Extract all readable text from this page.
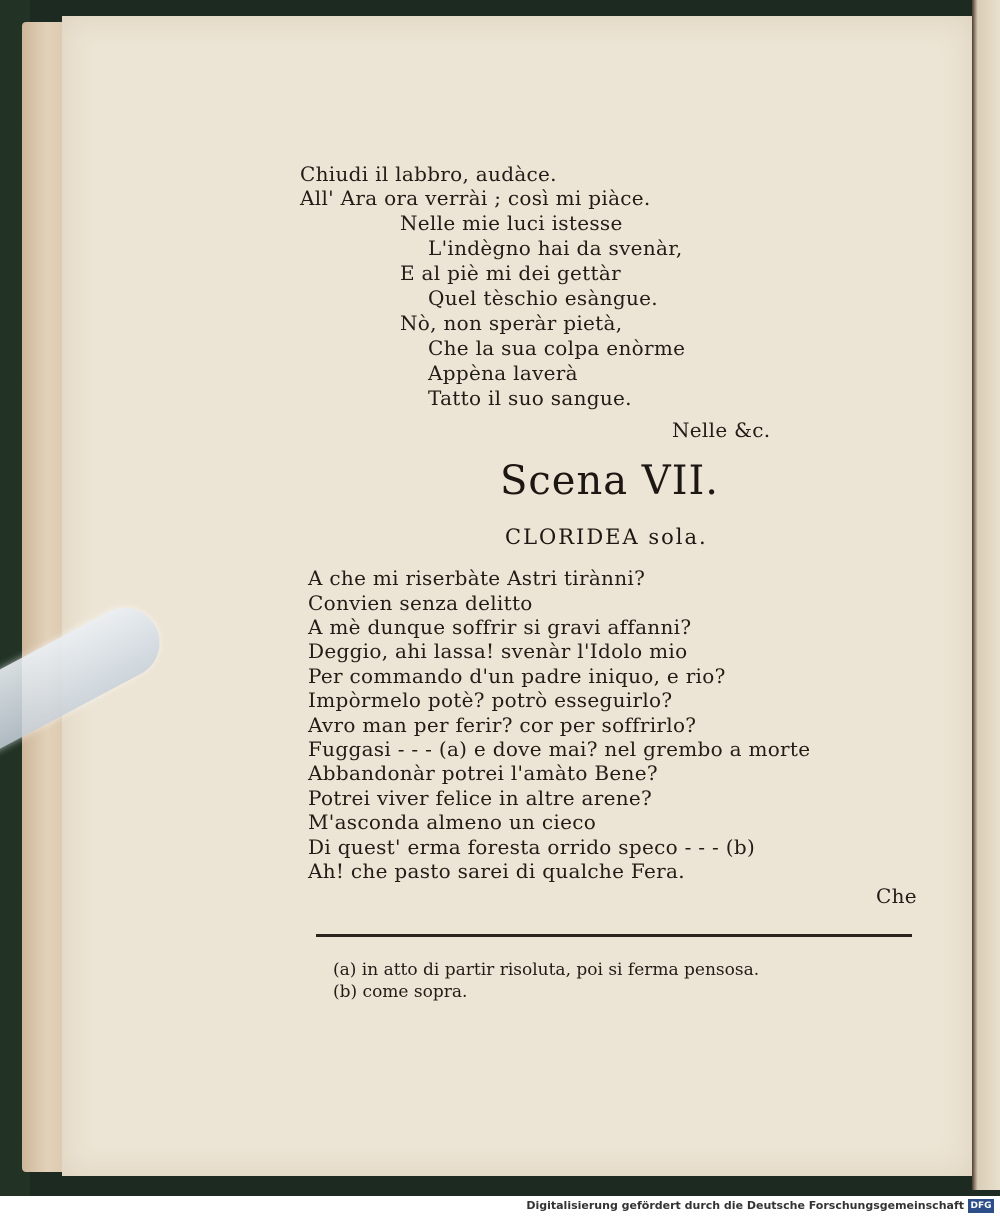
Chiudi il labbro, audàce.
All' Ara ora verrài ; così mi piàce.
Nelle mie luci istesse
L'indègno hai da svenàr,
E al piè mi dei gettàr
Quel tèschio esàngue.
Nò, non speràr pietà,
Che la sua colpa enòrme
Appèna laverà
Tatto il suo sangue.
Nelle &c.
Scena VII.
CLORIDEA sola.
A che mi riserbàte Astri tirànni?
Convien senza delitto
A mè dunque soffrir si gravi affanni?
Deggio, ahi lassa! svenàr l'Idolo mio
Per commando d'un padre iniquo, e rio?
Impòrmelo potè? potrò esseguirlo?
Avro man per ferir? cor per soffrirlo?
Fuggasi - - - (a) e dove mai? nel grembo a morte
Abbandonàr potrei l'amàto Bene?
Potrei viver felice in altre arene?
M'asconda almeno un cieco
Di quest' erma foresta orrido speco - - - (b)
Ah! che pasto sarei di qualche Fera.
Che
(a) in atto di partir risoluta, poi si ferma pensosa.
(b) come sopra.
Digitalisierung gefördert durch die Deutsche Forschungsgemeinschaft DFG
